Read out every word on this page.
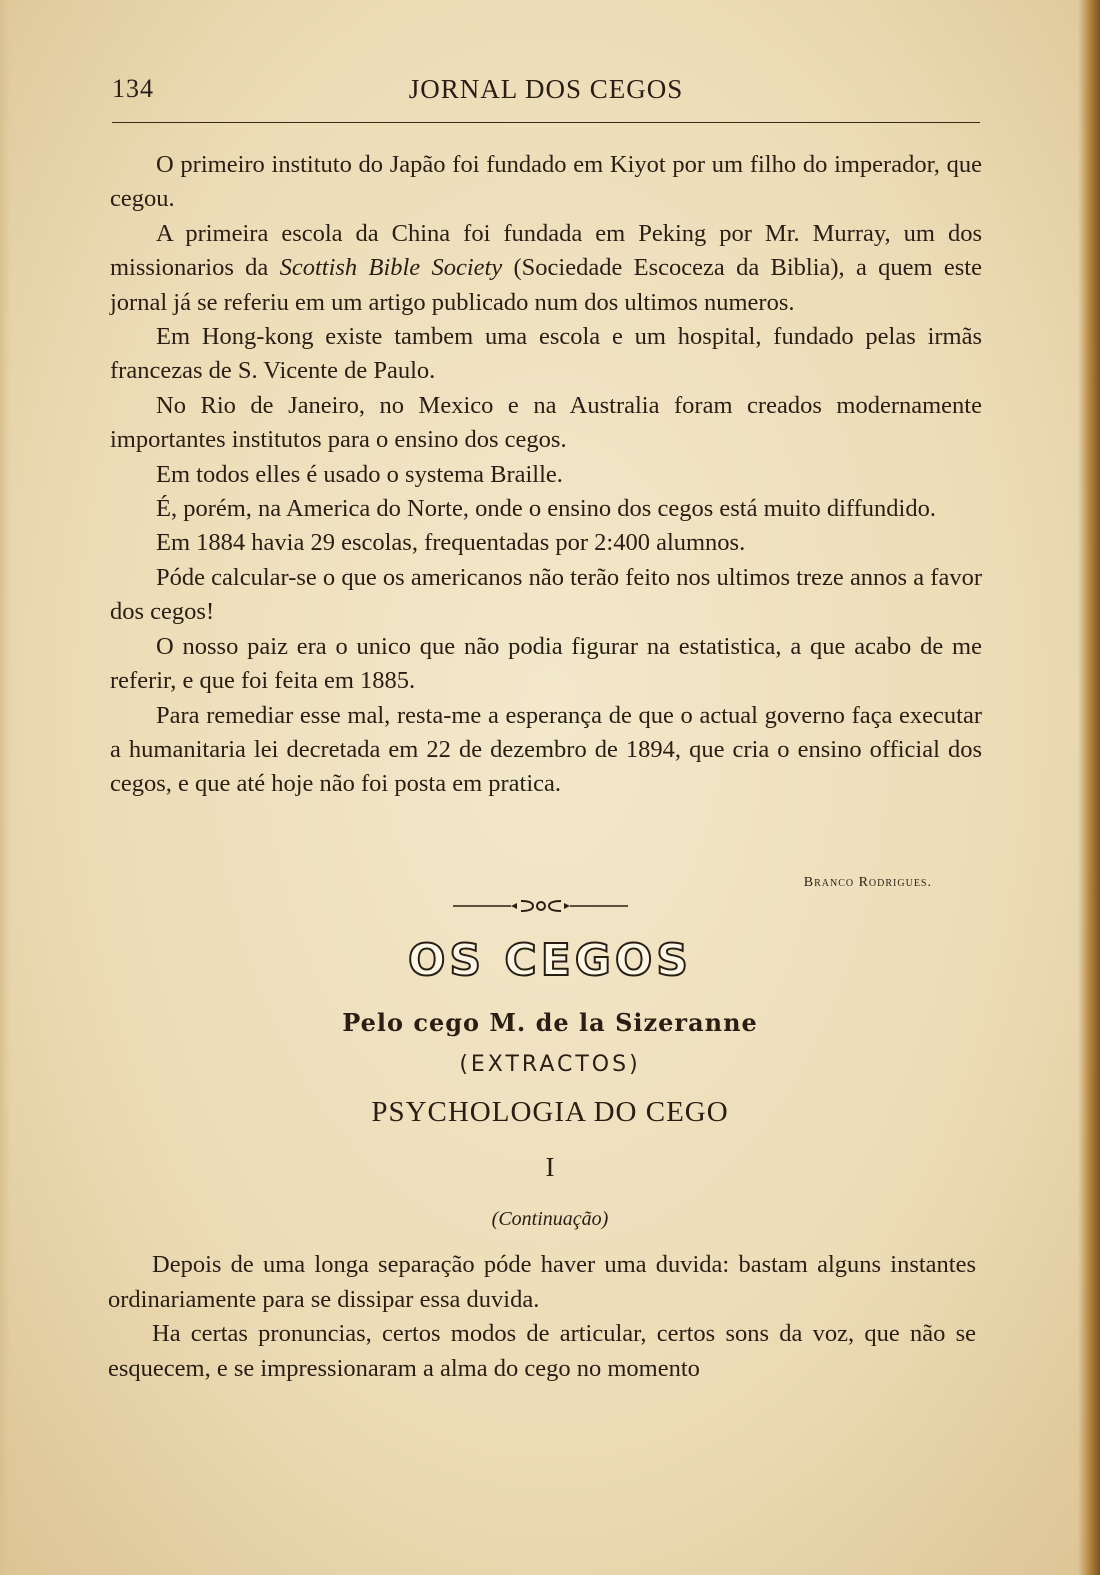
134	JORNAL DOS CEGOS

O primeiro instituto do Japão foi fundado em Kiyot por um filho do imperador, que cegou.

A primeira escola da China foi fundada em Peking por Mr. Murray, um dos missionarios da Scottish Bible Society (Sociedade Escoceza da Biblia), a quem este jornal já se referiu em um artigo publicado num dos ultimos numeros.

Em Hong-kong existe tambem uma escola e um hospital, fundado pelas irmãs francezas de S. Vicente de Paulo.

No Rio de Janeiro, no Mexico e na Australia foram creados modernamente importantes institutos para o ensino dos cegos.

Em todos elles é usado o systema Braille.

É, porém, na America do Norte, onde o ensino dos cegos está muito diffundido.

Em 1884 havia 29 escolas, frequentadas por 2:400 alumnos.

Póde calcular-se o que os americanos não terão feito nos ultimos treze annos a favor dos cegos!

O nosso paiz era o unico que não podia figurar na estatistica, a que acabo de me referir, e que foi feita em 1885.

Para remediar esse mal, resta-me a esperança de que o actual governo faça executar a humanitaria lei decretada em 22 de dezembro de 1894, que cria o ensino official dos cegos, e que até hoje não foi posta em pratica.

Branco Rodrigues.
OS CEGOS
Pelo cego M. de la Sizeranne
(EXTRACTOS)
PSYCHOLOGIA DO CEGO
I
(Continuação)

Depois de uma longa separação póde haver uma duvida: bastam alguns instantes ordinariamente para se dissipar essa duvida.

Ha certas pronuncias, certos modos de articular, certos sons da voz, que não se esquecem, e se impressionaram a alma do cego no momento
